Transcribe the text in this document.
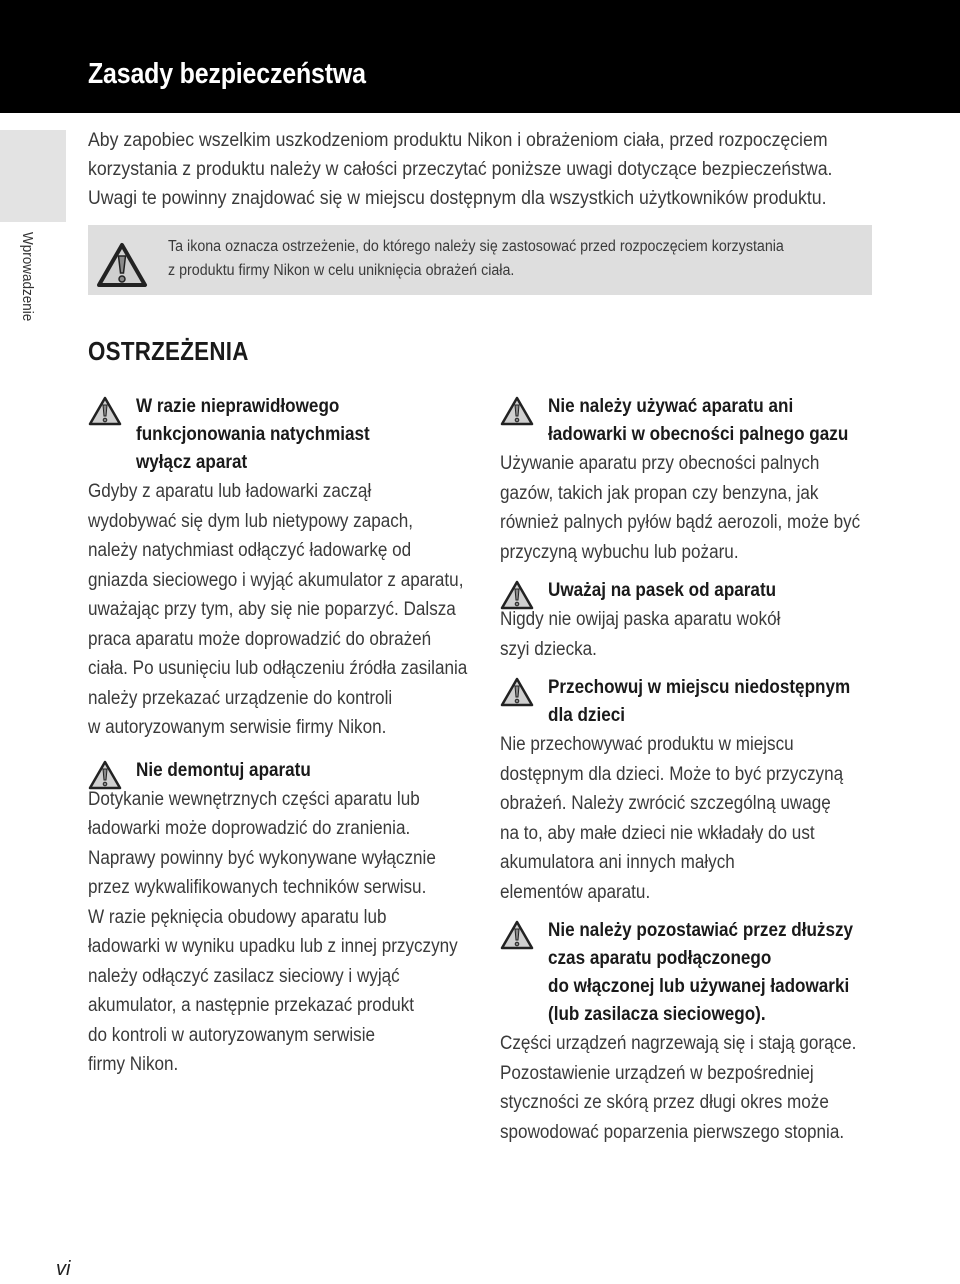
Zasady bezpieczeństwa
Wprowadzenie

Aby zapobiec wszelkim uszkodzeniom produktu Nikon i obrażeniom ciała, przed rozpoczęciem
korzystania z produktu należy w całości przeczytać poniższe uwagi dotyczące bezpieczeństwa.
Uwagi te powinny znajdować się w miejscu dostępnym dla wszystkich użytkowników produktu.

Ta ikona oznacza ostrzeżenie, do którego należy się zastosować przed rozpoczęciem korzystania
z produktu firmy Nikon w celu uniknięcia obrażeń ciała.

OSTRZEŻENIA

W razie nieprawidłowego
funkcjonowania natychmiast
wyłącz aparat

Gdyby z aparatu lub ładowarki zaczął
wydobywać się dym lub nietypowy zapach,
należy natychmiast odłączyć ładowarkę od
gniazda sieciowego i wyjąć akumulator z aparatu,
uważając przy tym, aby się nie poparzyć. Dalsza
praca aparatu może doprowadzić do obrażeń
ciała. Po usunięciu lub odłączeniu źródła zasilania
należy przekazać urządzenie do kontroli
w autoryzowanym serwisie firmy Nikon.

Nie demontuj aparatu

Dotykanie wewnętrznych części aparatu lub
ładowarki może doprowadzić do zranienia.
Naprawy powinny być wykonywane wyłącznie
przez wykwalifikowanych techników serwisu.
W razie pęknięcia obudowy aparatu lub
ładowarki w wyniku upadku lub z innej przyczyny
należy odłączyć zasilacz sieciowy i wyjąć
akumulator, a następnie przekazać produkt
do kontroli w autoryzowanym serwisie
firmy Nikon.

Nie należy używać aparatu ani
ładowarki w obecności palnego gazu

Używanie aparatu przy obecności palnych
gazów, takich jak propan czy benzyna, jak
również palnych pyłów bądź aerozoli, może być
przyczyną wybuchu lub pożaru.

Uważaj na pasek od aparatu

Nigdy nie owijaj paska aparatu wokół
szyi dziecka.

Przechowuj w miejscu niedostępnym
dla dzieci

Nie przechowywać produktu w miejscu
dostępnym dla dzieci. Może to być przyczyną
obrażeń. Należy zwrócić szczególną uwagę
na to, aby małe dzieci nie wkładały do ust
akumulatora ani innych małych
elementów aparatu.

Nie należy pozostawiać przez dłuższy
czas aparatu podłączonego
do włączonej lub używanej ładowarki
(lub zasilacza sieciowego).

Części urządzeń nagrzewają się i stają gorące.
Pozostawienie urządzeń w bezpośredniej
styczności ze skórą przez długi okres może
spowodować poparzenia pierwszego stopnia.

vi
